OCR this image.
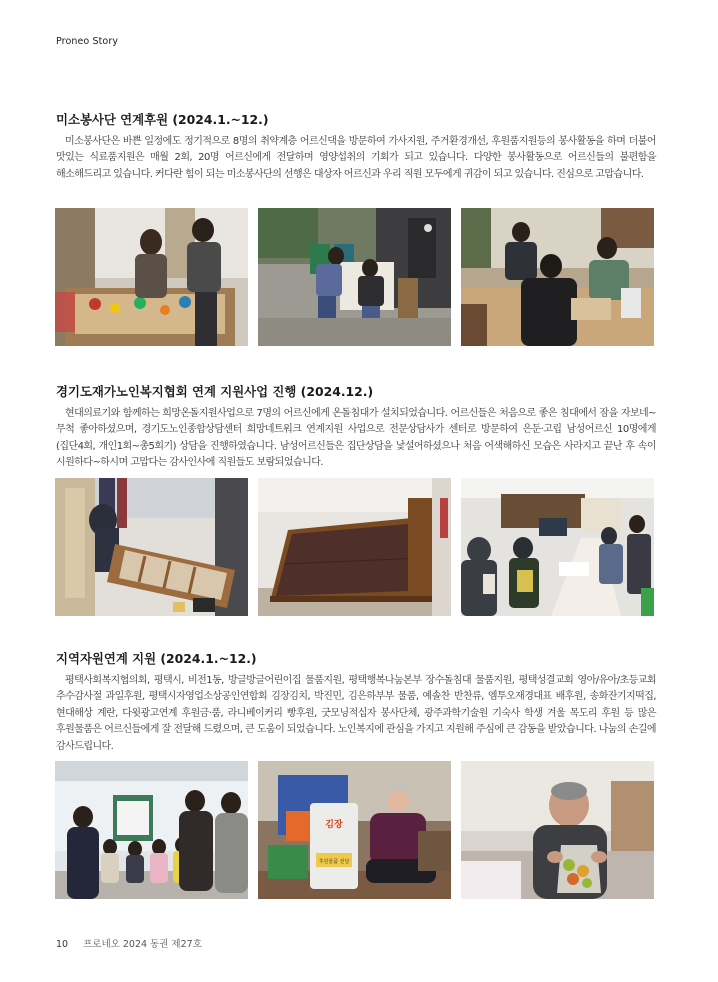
Proneo Story
미소봉사단 연계후원 (2024.1.~12.)

미소봉사단은 바쁜 일정에도 정기적으로 8명의 취약계층 어르신댁을 방문하여 가사지원, 주거환경개선, 후원품지원등의 봉사활동을 하며 더불어 맛있는 식료품지원은 매월 2회, 20명 어르신에게 전달하며 영양섭취의 기회가 되고 있습니다. 다양한 봉사활동으로 어르신들의 불편함을 해소해드리고 있습니다. 커다란 힘이 되는 미소봉사단의 선행은 대상자 어르신과 우리 직원 모두에게 귀감이 되고 있습니다. 진심으로 고맙습니다.

경기도재가노인복지협회 연계 지원사업 진행 (2024.12.)

현대의료기와 함께하는 희망온돌지원사업으로 7명의 어르신에게 온돌침대가 설치되었습니다. 어르신들은 처음으로 좋은 침대에서 잠을 자보네~ 무척 좋아하셨으며, 경기도노인종합상담센터 희망네트워크 연계지원 사업으로 전문상담사가 센터로 방문하여 은둔·고립 남성어르신 10명에게(집단4회, 개인1회~총5회기) 상담을 진행하였습니다. 남성어르신들은 집단상담을 낯설어하셨으나 처음 어색해하신 모습은 사라지고 끝난 후 속이 시원하다~하시며 고맙다는 감사인사에 직원들도 보람되었습니다.

지역자원연계 지원 (2024.1.~12.)

평택사회복지협의회, 평택시, 비전1동, 방글방글어린이집 물품지원, 평택행복나눔본부 장수돌침대 물품지원, 평택성결교회 영아/유아/초등교회 추수감사절 과일후원, 평택시자영업소상공인연합회 김장김치, 박진민, 김은하부부 물품, 예솔찬 반찬류, 엠투오재경대표 배후원, 송화잔기지떡집, 현대해상 계란, 다윗광고연계 후원금·품, 라니베이커리 빵후원, 굿모닝적십자 봉사단체, 광주과학기술원 기숙사 학생 겨울 목도리 후원 등 많은 후원물품은 어르신들에게 잘 전달해 드렸으며, 큰 도움이 되었습니다. 노인복지에 관심을 가지고 지원해 주심에 큰 감동을 받았습니다. 나눔의 손길에 감사드립니다.

김장
후원물품 전달
10 프로네오 2024 동권 제27호
